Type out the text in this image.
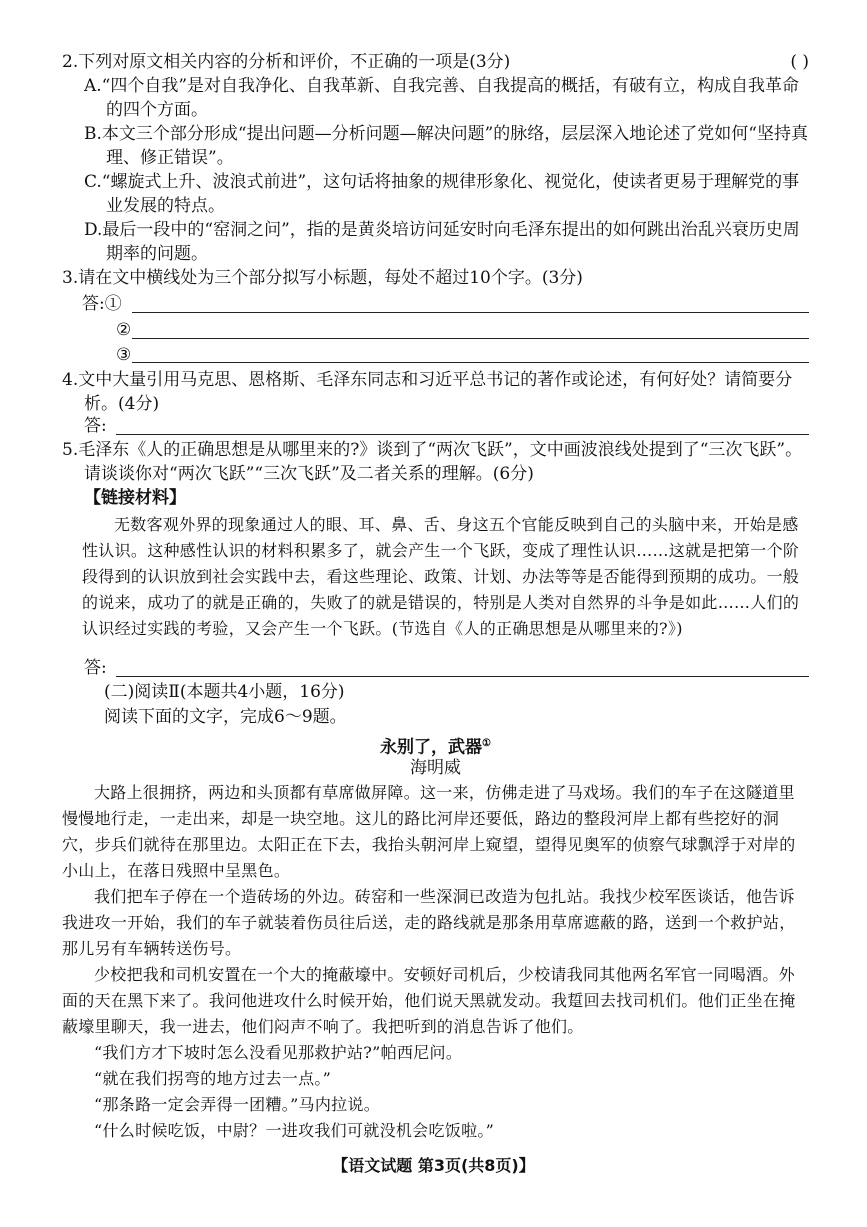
2.下列对原文相关内容的分析和评价，不正确的一项是(3分)	( )
A.“四个自我”是对自我净化、自我革新、自我完善、自我提高的概括，有破有立，构成自我革命的四个方面。
B.本文三个部分形成“提出问题—分析问题—解决问题”的脉络，层层深入地论述了党如何“坚持真理、修正错误”。
C.“螺旋式上升、波浪式前进”，这句话将抽象的规律形象化、视觉化，使读者更易于理解党的事业发展的特点。
D.最后一段中的“窑洞之问”，指的是黄炎培访问延安时向毛泽东提出的如何跳出治乱兴衰历史周期率的问题。
3.请在文中横线处为三个部分拟写小标题，每处不超过10个字。(3分)
答:①
②
③
4.文中大量引用马克思、恩格斯、毛泽东同志和习近平总书记的著作或论述，有何好处？请简要分析。(4分)
答:
5.毛泽东《人的正确思想是从哪里来的?》谈到了“两次飞跃”，文中画波浪线处提到了“三次飞跃”。请谈谈你对“两次飞跃”“三次飞跃”及二者关系的理解。(6分)
【链接材料】
无数客观外界的现象通过人的眼、耳、鼻、舌、身这五个官能反映到自己的头脑中来，开始是感性认识。这种感性认识的材料积累多了，就会产生一个飞跃，变成了理性认识……这就是把第一个阶段得到的认识放到社会实践中去，看这些理论、政策、计划、办法等等是否能得到预期的成功。一般的说来，成功了的就是正确的，失败了的就是错误的，特别是人类对自然界的斗争是如此……人们的认识经过实践的考验，又会产生一个飞跃。(节选自《人的正确思想是从哪里来的?》)
答:
(二)阅读Ⅱ(本题共4小题，16分)
阅读下面的文字，完成6～9题。
永别了，武器①
海明威
大路上很拥挤，两边和头顶都有草席做屏障。这一来，仿佛走进了马戏场。我们的车子在这隧道里慢慢地行走，一走出来，却是一块空地。这儿的路比河岸还要低，路边的整段河岸上都有些挖好的洞穴，步兵们就待在那里边。太阳正在下去，我抬头朝河岸上窥望，望得见奥军的侦察气球飘浮于对岸的小山上，在落日残照中呈黑色。
我们把车子停在一个造砖场的外边。砖窑和一些深洞已改造为包扎站。我找少校军医谈话，他告诉我进攻一开始，我们的车子就装着伤员往后送，走的路线就是那条用草席遮蔽的路，送到一个救护站，那儿另有车辆转送伤号。
少校把我和司机安置在一个大的掩蔽壕中。安顿好司机后，少校请我同其他两名军官一同喝酒。外面的天在黑下来了。我问他进攻什么时候开始，他们说天黑就发动。我踅回去找司机们。他们正坐在掩蔽壕里聊天，我一进去，他们闷声不响了。我把听到的消息告诉了他们。
“我们方才下坡时怎么没看见那救护站?”帕西尼问。
“就在我们拐弯的地方过去一点。”
“那条路一定会弄得一团糟。”马内拉说。
“什么时候吃饭，中尉？一进攻我们可就没机会吃饭啦。”
【语文试题 第3页(共8页)】
